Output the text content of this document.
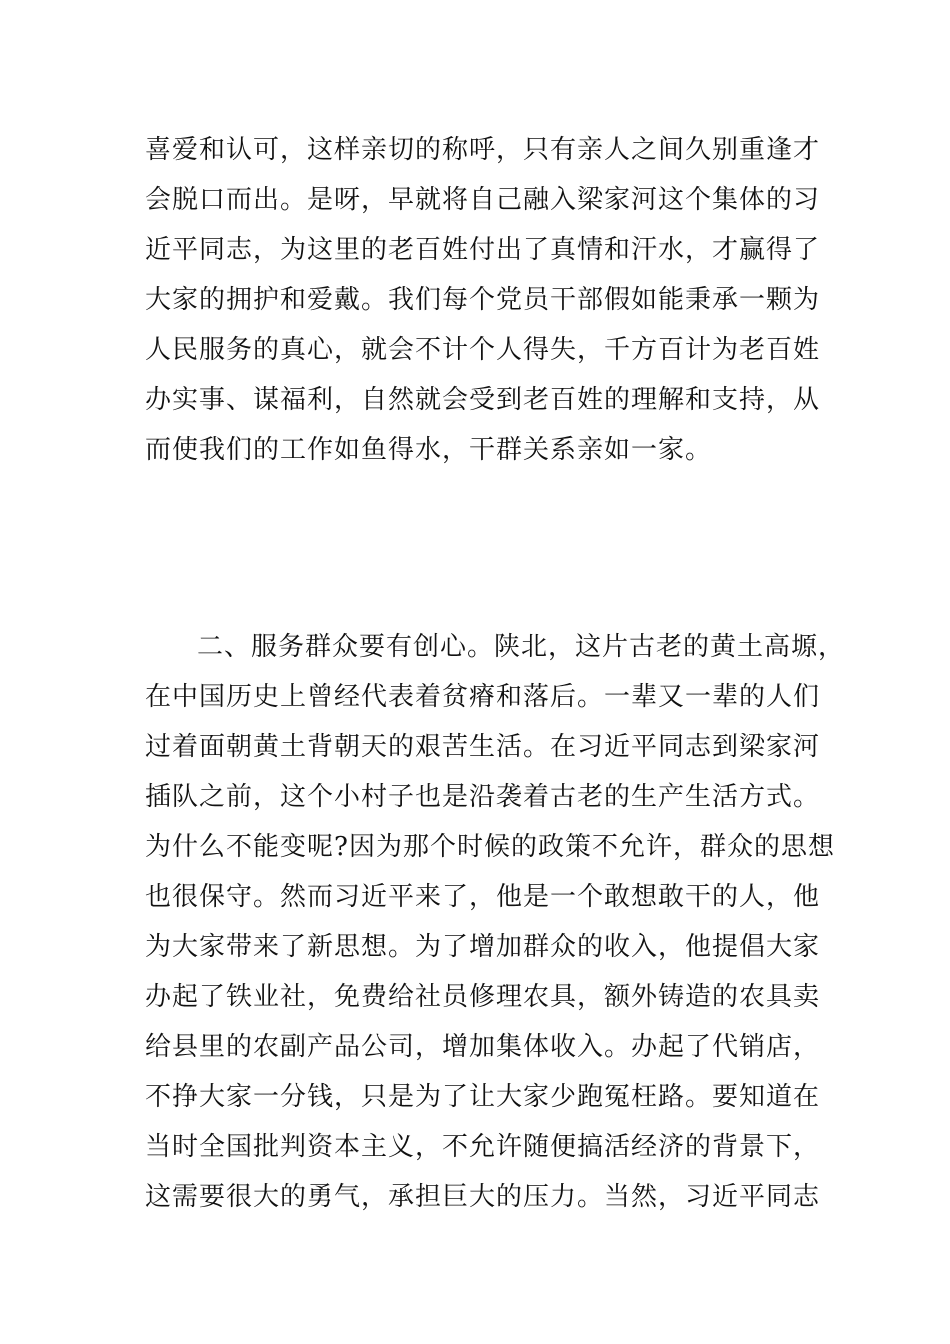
喜爱和认可，这样亲切的称呼，只有亲人之间久别重逢才
会脱口而出。是呀，早就将自己融入梁家河这个集体的习
近平同志，为这里的老百姓付出了真情和汗水，才赢得了
大家的拥护和爱戴。我们每个党员干部假如能秉承一颗为
人民服务的真心，就会不计个人得失，千方百计为老百姓
办实事、谋福利，自然就会受到老百姓的理解和支持，从
而使我们的工作如鱼得水，干群关系亲如一家。
二、服务群众要有创心。陕北，这片古老的黄土高塬，
在中国历史上曾经代表着贫瘠和落后。一辈又一辈的人们
过着面朝黄土背朝天的艰苦生活。在习近平同志到梁家河
插队之前，这个小村子也是沿袭着古老的生产生活方式。
为什么不能变呢?因为那个时候的政策不允许，群众的思想
也很保守。然而习近平来了，他是一个敢想敢干的人，他
为大家带来了新思想。为了增加群众的收入，他提倡大家
办起了铁业社，免费给社员修理农具，额外铸造的农具卖
给县里的农副产品公司，增加集体收入。办起了代销店，
不挣大家一分钱，只是为了让大家少跑冤枉路。要知道在
当时全国批判资本主义，不允许随便搞活经济的背景下，
这需要很大的勇气，承担巨大的压力。当然，习近平同志
